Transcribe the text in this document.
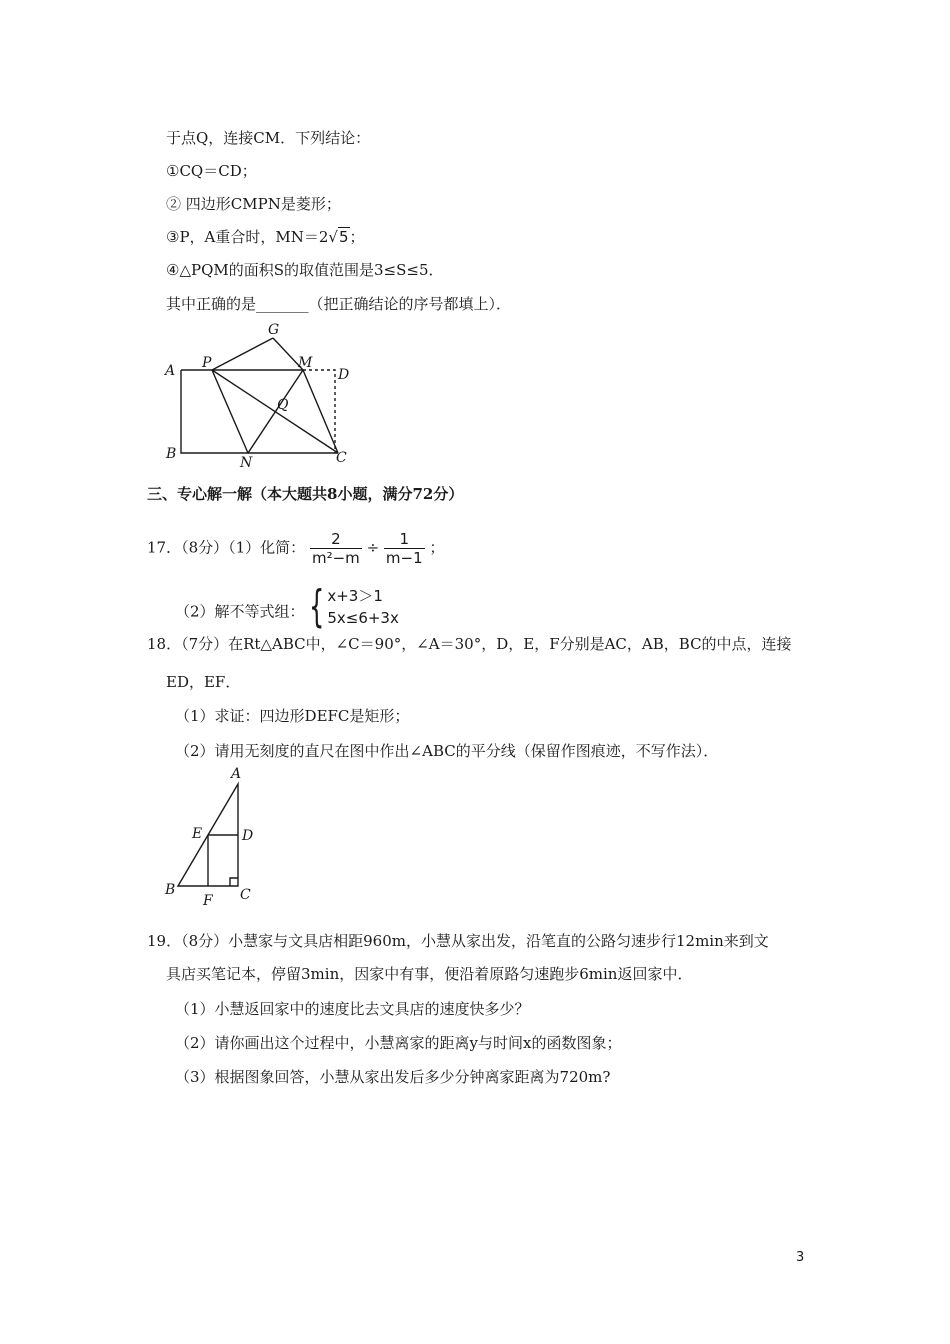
于点Q，连接CM．下列结论：
①CQ＝CD；
② 四边形CMPN是菱形；
③P，A重合时，MN＝2√5；
④△PQM的面积S的取值范围是3≤S≤5．
其中正确的是_______（把正确结论的序号都填上）．
A P
G
M
D
Q
B
N	C
三、专心解一解（本大题共8小题，满分72分）
17．（8分）（1）化简： $\frac{2}{\text{m²−m}} \div \frac{1}{m-1}$ ；
（2）解不等式组： { x+3＞1
5x≤6+3x
18．（7分）在Rt△ABC中，∠C＝90°，∠A＝30°，D，E，F分别是AC，AB，BC的中点，连接
ED，EF．
（1）求证：四边形DEFC是矩形；
（2）请用无刻度的直尺在图中作出∠ABC的平分线（保留作图痕迹，不写作法）．
A
E	D
B
F C
19．（8分）小慧家与文具店相距960m，小慧从家出发，沿笔直的公路匀速步行12min来到文
具店买笔记本，停留3min，因家中有事，便沿着原路匀速跑步6min返回家中．
（1）小慧返回家中的速度比去文具店的速度快多少？
（2）请你画出这个过程中，小慧离家的距离y与时间x的函数图象；
（3）根据图象回答，小慧从家出发后多少分钟离家距离为720m?
3
